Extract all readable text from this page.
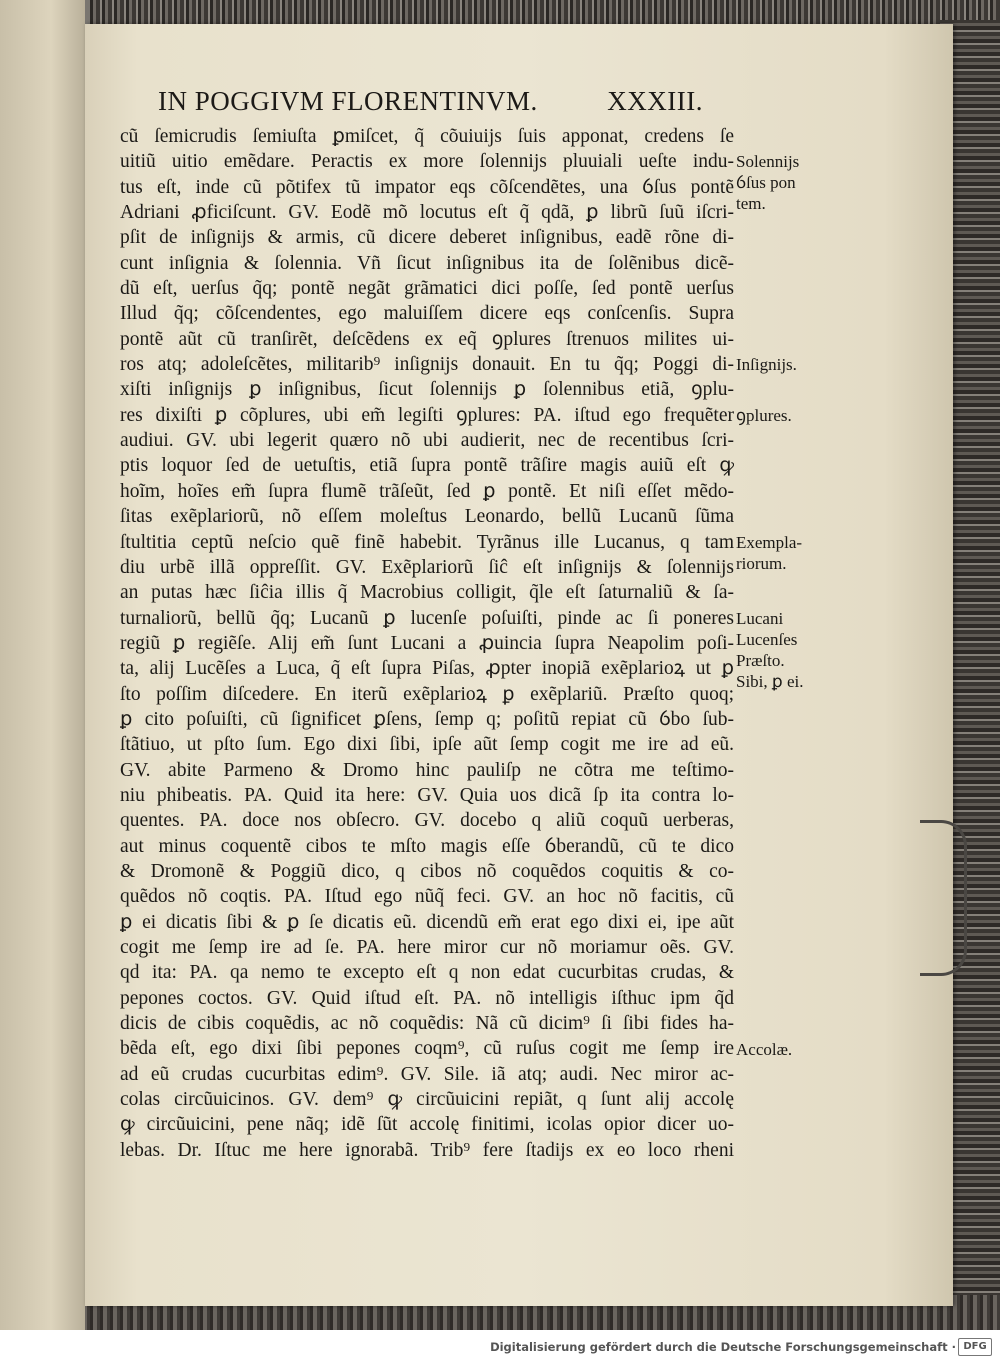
IN POGGIVM FLORENTINVM.	XXXIII.
cũ ſemicrudis ſemiuſta ꝑmiſcet, q̃ cõuiuijs ſuis apponat, credens ſe
uitiũ uitio emẽdare. Peractis ex more ſolennijs pluuiali ueſte indu-
tus eſt, inde cũ põtifex tũ impator eqs cõſcendẽtes, una ỽſus pontẽ
Adriani ꝓficiſcunt. GV. Eodẽ mõ locutus eſt q̃ qdã, ꝑ librũ ſuũ iſcri-
pſit de inſignijs & armis, cũ dicere deberet inſignibus, eadẽ rõne di-
cunt inſignia & ſolennia. Vñ ſicut inſignibus ita de ſolẽnibus dicẽ-
dũ eſt, uerſus q̃q; pontẽ negãt grãmatici dici poſſe, ſed pontẽ uerſus
Illud q̃q; cõſcendentes, ego maluiſſem dicere eqs conſcenſis. Supra
pontẽ aũt cũ tranſirẽt, deſcẽdens ex eq̃ ꝯplures ſtrenuos milites ui-
ros atq; adoleſcẽtes, militarib⁹ inſignijs donauit. En tu q̃q; Poggi di-
xiſti inſignijs ꝑ inſignibus, ſicut ſolennijs ꝑ ſolennibus etiã, ꝯplu-
res dixiſti ꝑ cõplures, ubi em̃ legiſti ꝯplures: PA. iſtud ego frequẽter
audiui. GV. ubi legerit quæro nõ ubi audierit, nec de recentibus ſcri-
ptis loquor ſed de uetuſtis, etiã ſupra pontẽ trãſire magis auiũ eſt ꝙ
hoĩm, hoĩes em̃ ſupra flumẽ trãſeũt, ſed ꝑ pontẽ. Et niſi eſſet mẽdo-
ſitas exẽplariorũ, nõ eſſem moleſtus Leonardo, bellũ Lucanũ ſũma
ſtultitia ceptũ neſcio quẽ finẽ habebit. Tyrãnus ille Lucanus, q tam
diu urbẽ illã oppreſſit. GV. Exẽplariorũ ſiĉ eſt inſignijs & ſolennijs
an putas hæc ſiĉia illis q̃ Macrobius colligit, q̃le eſt ſaturnaliũ & ſa-
turnaliorũ, bellũ q̃q; Lucanũ ꝑ lucenſe poſuiſti, pinde ac ſi poneres
regiũ ꝑ regiẽſe. Alij em̃ ſunt Lucani a ꝓuincia ſupra Neapolim poſi-
ta, alij Lucẽſes a Luca, q̃ eſt ſupra Piſas, ꝓpter inopiã exẽplarioꝝ ut ꝑ
ſto poſſim diſcedere. En iterũ exẽplarioꝝ ꝑ exẽplariũ. Præſto quoq;
ꝑ cito poſuiſti, cũ ſignificet ꝑſens, ſemp q; poſitũ repiat cũ ỽbo ſub-
ſtãtiuo, ut pſto ſum. Ego dixi ſibi, ipſe aũt ſemp cogit me ire ad eũ.
GV. abite Parmeno & Dromo hinc pauliſp ne cõtra me teſtimo-
niu phibeatis. PA. Quid ita here: GV. Quia uos dicã ſp ita contra lo-
quentes. PA. doce nos obſecro. GV. docebo q aliũ coquũ uerberas,
aut minus coquentẽ cibos te mſto magis eſſe ỽberandũ, cũ te dico
& Dromonẽ & Poggiũ dico, q cibos nõ coquẽdos coquitis & co-
quẽdos nõ coqtis. PA. Iſtud ego nũq̃ feci. GV. an hoc nõ facitis, cũ
ꝑ ei dicatis ſibi & ꝑ ſe dicatis eũ. dicendũ em̃ erat ego dixi ei, ipe aũt
cogit me ſemp ire ad ſe. PA. here miror cur nõ moriamur oẽs. GV.
qd ita: PA. qa nemo te excepto eſt q non edat cucurbitas crudas, &
pepones coctos. GV. Quid iſtud eſt. PA. nõ intelligis iſthuc ipm q̃d
dicis de cibis coquẽdis, ac nõ coquẽdis: Nã cũ dicim⁹ ſi ſibi fides ha-
bẽda eſt, ego dixi ſibi pepones coqm⁹, cũ ruſus cogit me ſemp ire
ad eũ crudas cucurbitas edim⁹. GV. Sile. iã atq; audi. Nec miror ac-
colas circũuicinos. GV. dem⁹ ꝙ circũuicini repiãt, q ſunt alij accolę
ꝙ circũuicini, pene nãq; idẽ ſũt accolę finitimi, icolas opior dicer uo-
lebas. Dr. Iſtuc me here ignorabã. Trib⁹ fere ſtadijs ex eo loco rheni
Solennijs
ỽſus pon
tem.
Inſignijs.
ꝯplures.
Exempla-
riorum.
Lucani
Lucenſes
Præſto.
Sibi, ꝑ ei.
Accolæ.
Digitalisierung gefördert durch die Deutsche Forschungsgemeinschaft · DFG
